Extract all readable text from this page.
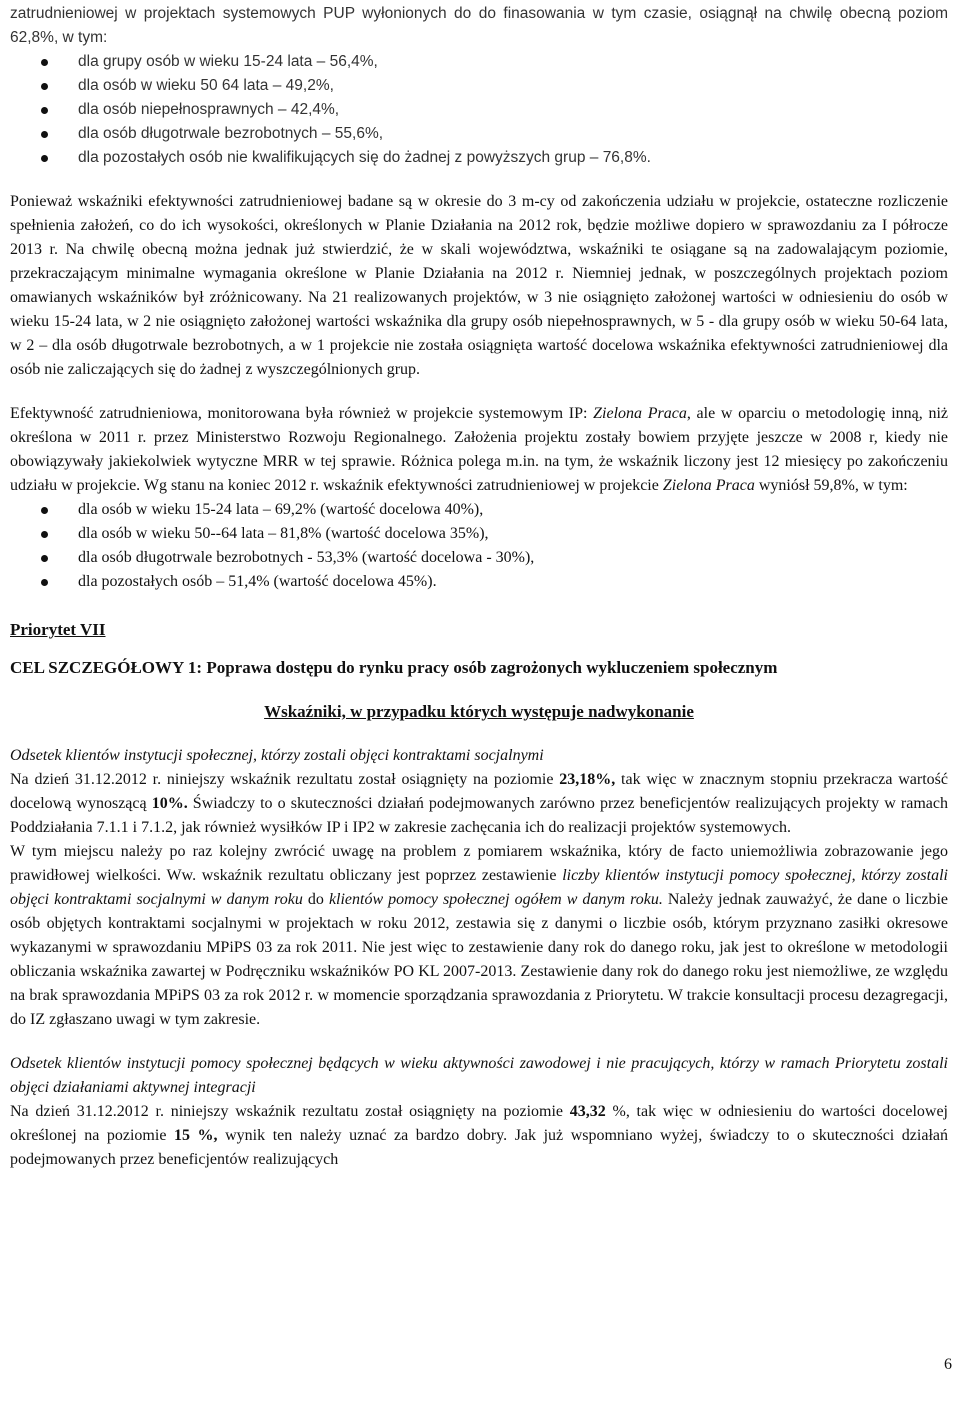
zatrudnieniowej w projektach systemowych PUP wyłonionych do do finasowania w tym czasie, osiągnął na chwilę obecną poziom 62,8%, w tym:

dla grupy osób w wieku 15-24 lata – 56,4%,
dla osób w wieku 50 64 lata – 49,2%,
dla osób niepełnosprawnych – 42,4%,
dla osób długotrwale bezrobotnych – 55,6%,
dla pozostałych osób nie kwalifikujących się do żadnej z powyższych grup – 76,8%.

Ponieważ wskaźniki efektywności zatrudnieniowej badane są w okresie do 3 m-cy od zakończenia udziału w projekcie, ostateczne rozliczenie spełnienia założeń, co do ich wysokości, określonych w Planie Działania na 2012 rok, będzie możliwe dopiero w sprawozdaniu za I półrocze 2013 r. Na chwilę obecną można jednak już stwierdzić, że w skali województwa, wskaźniki te osiągane są na zadowalającym poziomie, przekraczającym minimalne wymagania określone w Planie Działania na 2012 r. Niemniej jednak, w poszczególnych projektach poziom omawianych wskaźników był zróżnicowany. Na 21 realizowanych projektów, w 3 nie osiągnięto założonej wartości w odniesieniu do osób w wieku 15-24 lata, w 2 nie osiągnięto założonej wartości wskaźnika dla grupy osób niepełnosprawnych, w 5 - dla grupy osób w wieku 50-64 lata, w 2 – dla osób długotrwale bezrobotnych, a w 1 projekcie nie została osiągnięta wartość docelowa wskaźnika efektywności zatrudnieniowej dla osób nie zaliczających się do żadnej z wyszczególnionych grup.

Efektywność zatrudnieniowa, monitorowana była również w projekcie systemowym IP: Zielona Praca, ale w oparciu o metodologię inną, niż określona w 2011 r. przez Ministerstwo Rozwoju Regionalnego. Założenia projektu zostały bowiem przyjęte jeszcze w 2008 r, kiedy nie obowiązywały jakiekolwiek wytyczne MRR w tej sprawie. Różnica polega m.in. na tym, że wskaźnik liczony jest 12 miesięcy po zakończeniu udziału w projekcie. Wg stanu na koniec 2012 r. wskaźnik efektywności zatrudnieniowej w projekcie Zielona Praca wyniósł 59,8%, w tym:

dla osób w wieku 15-24 lata – 69,2% (wartość docelowa 40%),
dla osób w wieku 50--64 lata – 81,8% (wartość docelowa 35%),
dla osób długotrwale bezrobotnych - 53,3% (wartość docelowa - 30%),
dla pozostałych osób – 51,4% (wartość docelowa 45%).

Priorytet VII

CEL SZCZEGÓŁOWY 1: Poprawa dostępu do rynku pracy osób zagrożonych wykluczeniem społecznym

Wskaźniki, w przypadku których występuje nadwykonanie

Odsetek klientów instytucji społecznej, którzy zostali objęci kontraktami socjalnymi

Na dzień 31.12.2012 r. niniejszy wskaźnik rezultatu został osiągnięty na poziomie 23,18%, tak więc w znacznym stopniu przekracza wartość docelową wynoszącą 10%. Świadczy to o skuteczności działań podejmowanych zarówno przez beneficjentów realizujących projekty w ramach Poddziałania 7.1.1 i 7.1.2, jak również wysiłków IP i IP2 w zakresie zachęcania ich do realizacji projektów systemowych.

W tym miejscu należy po raz kolejny zwrócić uwagę na problem z pomiarem wskaźnika, który de facto uniemożliwia zobrazowanie jego prawidłowej wielkości. Ww. wskaźnik rezultatu obliczany jest poprzez zestawienie liczby klientów instytucji pomocy społecznej, którzy zostali objęci kontraktami socjalnymi w danym roku do klientów pomocy społecznej ogółem w danym roku. Należy jednak zauważyć, że dane o liczbie osób objętych kontraktami socjalnymi w projektach w roku 2012, zestawia się z danymi o liczbie osób, którym przyznano zasiłki okresowe wykazanymi w sprawozdaniu MPiPS 03 za rok 2011. Nie jest więc to zestawienie dany rok do danego roku, jak jest to określone w metodologii obliczania wskaźnika zawartej w Podręczniku wskaźników PO KL 2007-2013. Zestawienie dany rok do danego roku jest niemożliwe, ze względu na brak sprawozdania MPiPS 03 za rok 2012 r. w momencie sporządzania sprawozdania z Priorytetu. W trakcie konsultacji procesu dezagregacji, do IZ zgłaszano uwagi w tym zakresie.

Odsetek klientów instytucji pomocy społecznej będących w wieku aktywności zawodowej i nie pracujących, którzy w ramach Priorytetu zostali objęci działaniami aktywnej integracji

Na dzień 31.12.2012 r. niniejszy wskaźnik rezultatu został osiągnięty na poziomie 43,32 %, tak więc w odniesieniu do wartości docelowej określonej na poziomie 15 %, wynik ten należy uznać za bardzo dobry. Jak już wspomniano wyżej, świadczy to o skuteczności działań podejmowanych przez beneficjentów realizujących

6
